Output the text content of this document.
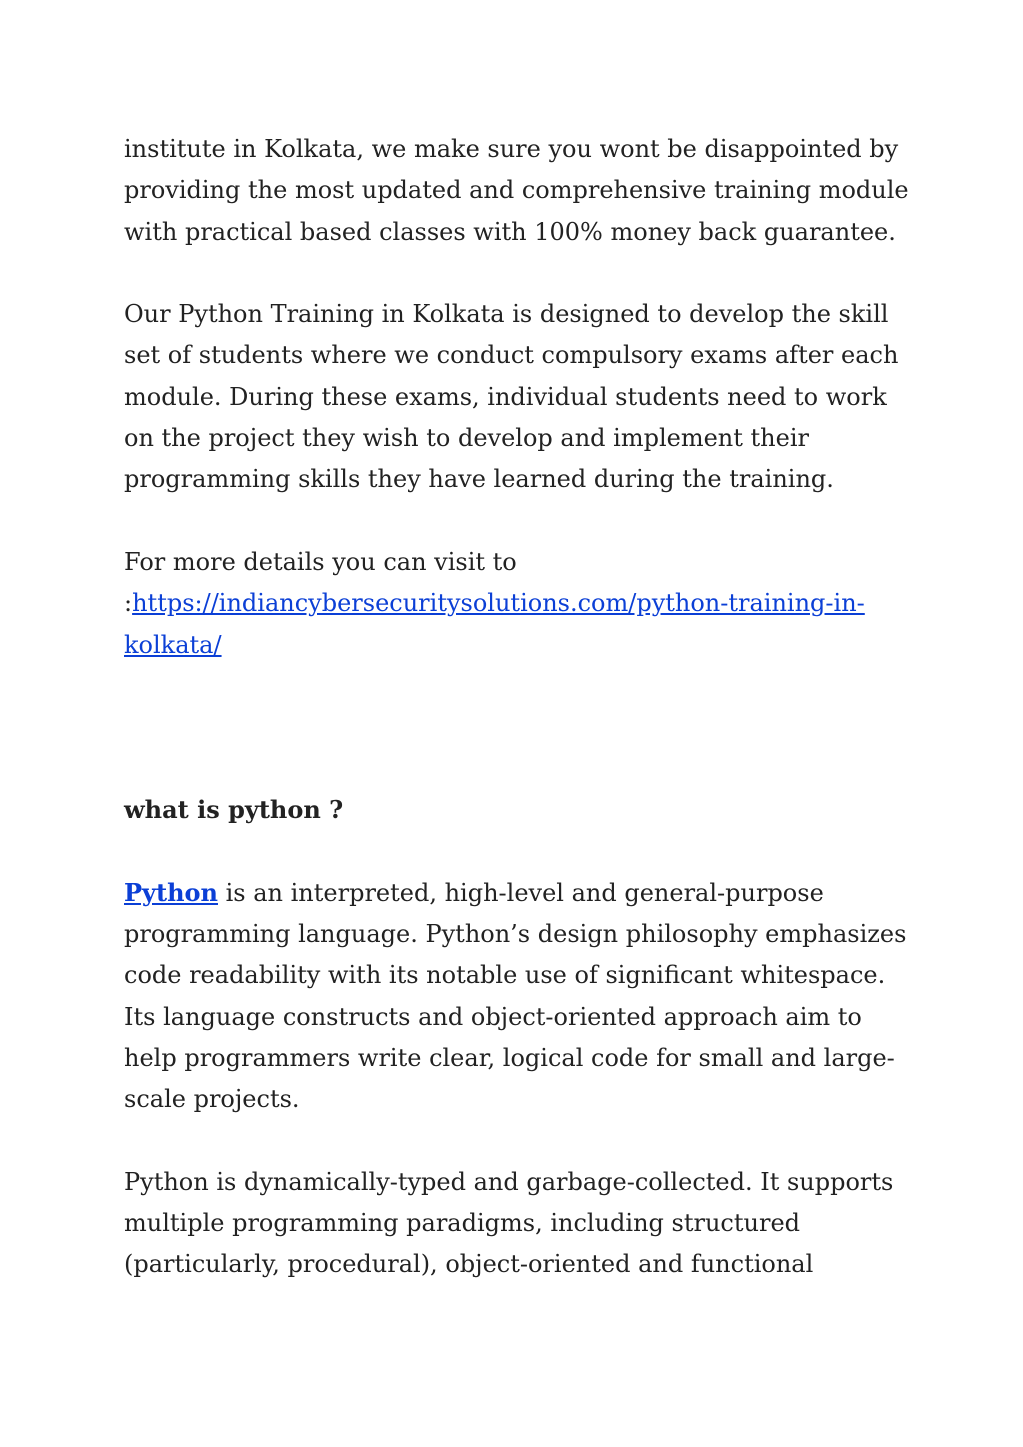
institute in Kolkata, we make sure you wont be disappointed by providing the most updated and comprehensive training module with practical based classes with 100% money back guarantee.

Our Python Training in Kolkata is designed to develop the skill set of students where we conduct compulsory exams after each module. During these exams, individual students need to work on the project they wish to develop and implement their programming skills they have learned during the training.

For more details you can visit to :https://indiancybersecuritysolutions.com/python-training-in-kolkata/

what is python ?

Python is an interpreted, high-level and general-purpose programming language. Python’s design philosophy emphasizes code readability with its notable use of significant whitespace. Its language constructs and object-oriented approach aim to help programmers write clear, logical code for small and large-scale projects.

Python is dynamically-typed and garbage-collected. It supports multiple programming paradigms, including structured (particularly, procedural), object-oriented and functional
